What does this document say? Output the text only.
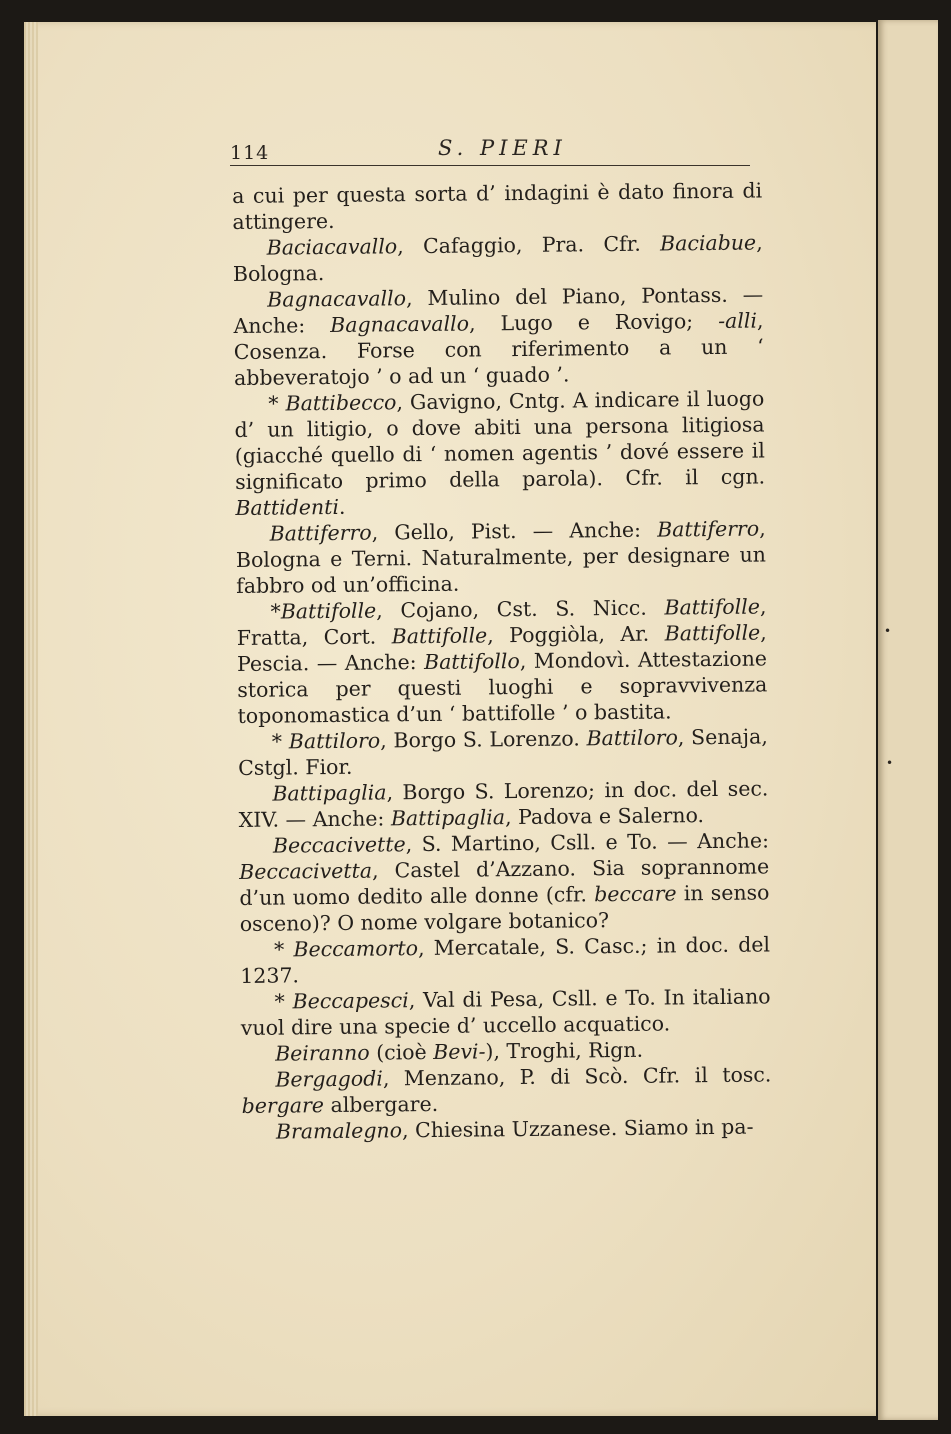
114	S. PIERI

a cui per questa sorta d’ indagini è dato finora di attingere.

Baciacavallo, Cafaggio, Pra. Cfr. Baciabue, Bologna.

Bagnacavallo, Mulino del Piano, Pontass. — Anche: Bagnacavallo, Lugo e Rovigo; -alli, Cosenza. Forse con riferimento a un ‘ abbeveratojo ’ o ad un ‘ guado ’.

* Battibecco, Gavigno, Cntg. A indicare il luogo d’ un litigio, o dove abiti una persona litigiosa (giacché quello di ‘ nomen agentis ’ dové essere il significato primo della parola). Cfr. il cgn. Battidenti.

Battiferro, Gello, Pist. — Anche: Battiferro, Bologna e Terni. Naturalmente, per designare un fabbro od un’officina.

*Battifolle, Cojano, Cst. S. Nicc. Battifolle, Fratta, Cort. Battifolle, Poggiòla, Ar. Battifolle, Pescia. — Anche: Battifollo, Mondovì. Attestazione storica per questi luoghi e sopravvivenza toponomastica d’un ‘ battifolle ’ o bastita.

* Battiloro, Borgo S. Lorenzo. Battiloro, Senaja, Cstgl. Fior.

Battipaglia, Borgo S. Lorenzo; in doc. del sec. XIV. — Anche: Battipaglia, Padova e Salerno.

Beccacivette, S. Martino, Csll. e To. — Anche: Beccacivetta, Castel d’Azzano. Sia soprannome d’un uomo dedito alle donne (cfr. beccare in senso osceno)? O nome volgare botanico?

* Beccamorto, Mercatale, S. Casc.; in doc. del 1237.

* Beccapesci, Val di Pesa, Csll. e To. In italiano vuol dire una specie d’ uccello acquatico.

Beiranno (cioè Bevi-), Troghi, Rign.

Bergagodi, Menzano, P. di Scò. Cfr. il tosc. bergare albergare.

Bramalegno, Chiesina Uzzanese. Siamo in pa-

•
•
